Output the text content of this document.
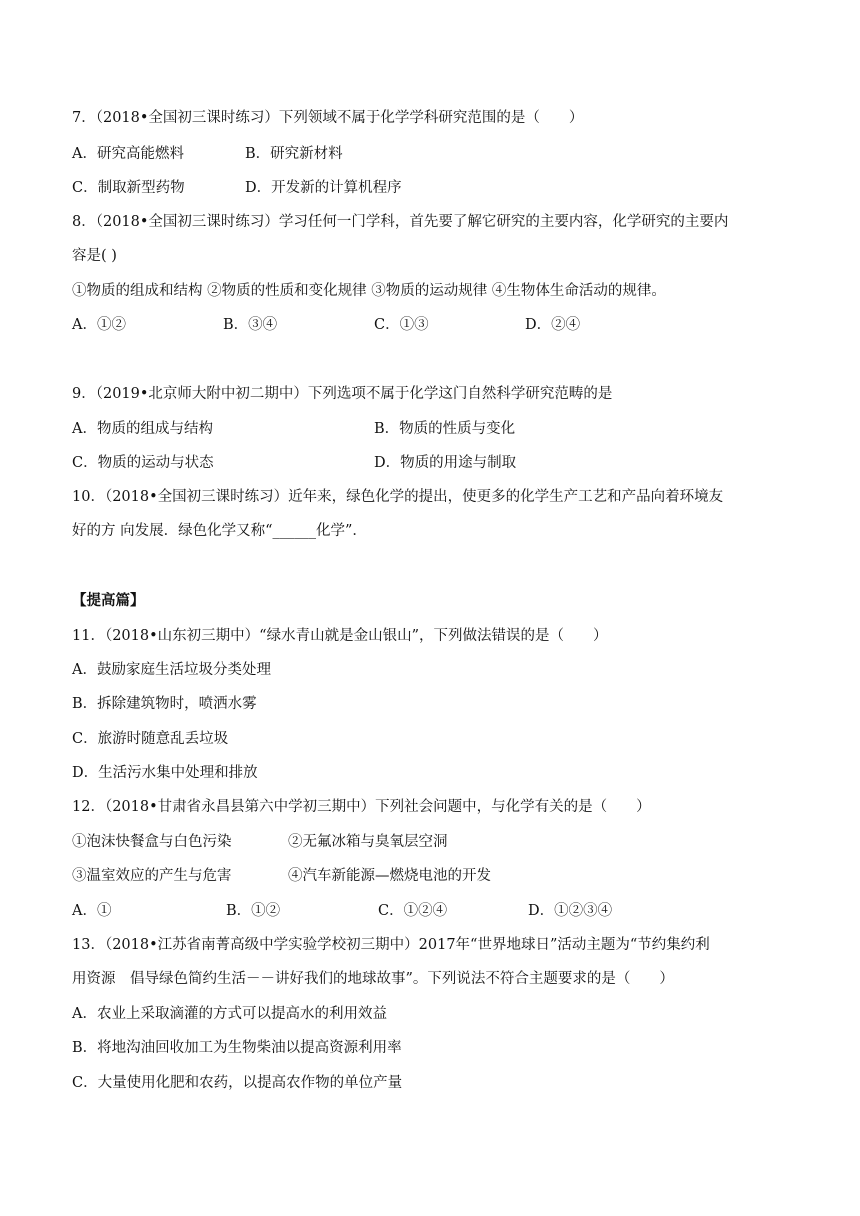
7．（2018•全国初三课时练习）下列领域不属于化学学科研究范围的是（　　）
A．研究高能燃料	B．研究新材料
C．制取新型药物	D．开发新的计算机程序
8．（2018•全国初三课时练习）学习任何一门学科，首先要了解它研究的主要内容，化学研究的主要内
容是( )
①物质的组成和结构 ②物质的性质和变化规律 ③物质的运动规律 ④生物体生命活动的规律。
A．①②	B．③④	C．①③	D．②④
9．（2019•北京师大附中初二期中）下列选项不属于化学这门自然科学研究范畴的是
A．物质的组成与结构	B．物质的性质与变化
C．物质的运动与状态	D．物质的用途与制取
10．（2018•全国初三课时练习）近年来，绿色化学的提出，使更多的化学生产工艺和产品向着环境友
好的方 向发展．绿色化学又称“______化学”．
【提高篇】
11．（2018•山东初三期中）“绿水青山就是金山银山”，下列做法错误的是（　　）
A．鼓励家庭生活垃圾分类处理
B．拆除建筑物时，喷洒水雾
C．旅游时随意乱丢垃圾
D．生活污水集中处理和排放
12．（2018•甘肃省永昌县第六中学初三期中）下列社会问题中，与化学有关的是（　　）
①泡沫快餐盒与白色污染	②无氟冰箱与臭氧层空洞
③温室效应的产生与危害	④汽车新能源—燃烧电池的开发
A．①	B．①②	C．①②④	D．①②③④
13．（2018•江苏省南菁高级中学实验学校初三期中）2017年“世界地球日”活动主题为“节约集约利
用资源　倡导绿色简约生活－－讲好我们的地球故事”。下列说法不符合主题要求的是（　　）
A．农业上采取滴灌的方式可以提高水的利用效益
B．将地沟油回收加工为生物柴油以提高资源利用率
C．大量使用化肥和农药，以提高农作物的单位产量
